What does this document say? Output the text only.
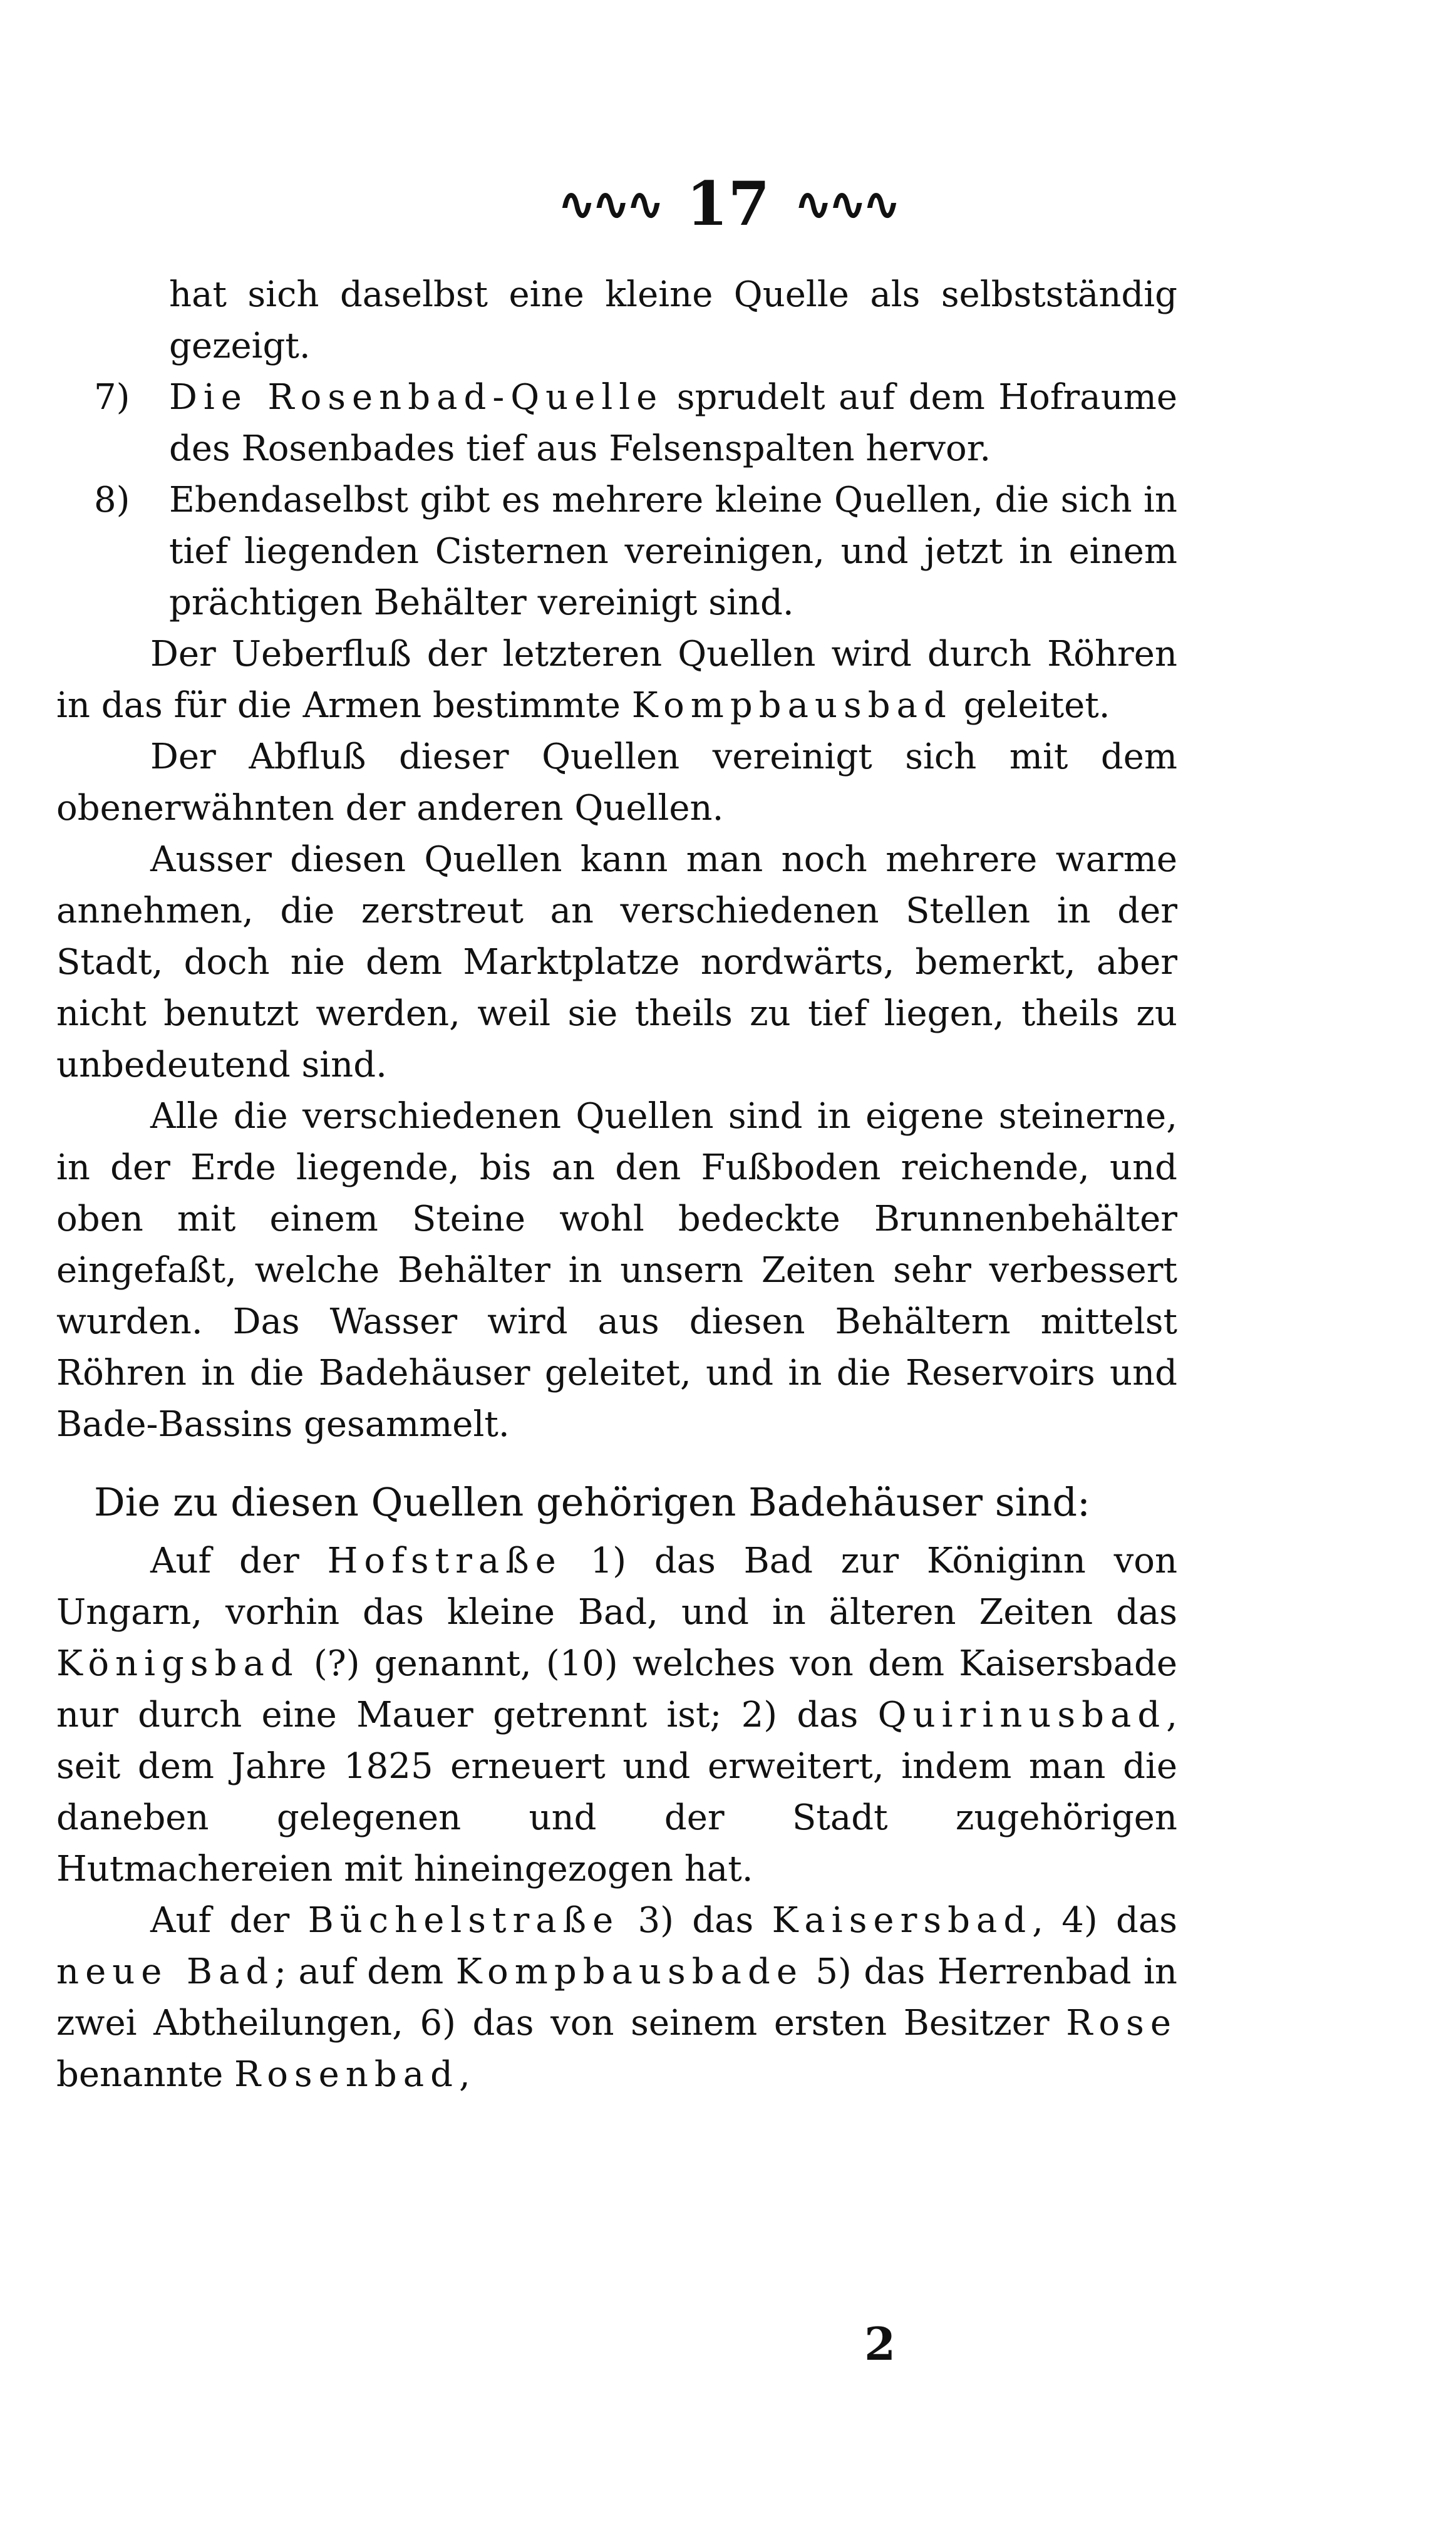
∿∿∿ 17 ∿∿∿

hat sich daselbst eine kleine Quelle als selbstständig gezeigt.

7) Die Rosenbad-Quelle sprudelt auf dem Hofraume des Rosenbades tief aus Felsenspalten hervor.

8) Ebendaselbst gibt es mehrere kleine Quellen, die sich in tief liegenden Cisternen vereinigen, und jetzt in einem prächtigen Behälter vereinigt sind.

Der Ueberfluß der letzteren Quellen wird durch Röhren in das für die Armen bestimmte Kompbausbad geleitet.

Der Abfluß dieser Quellen vereinigt sich mit dem obenerwähnten der anderen Quellen.

Ausser diesen Quellen kann man noch mehrere warme annehmen, die zerstreut an verschiedenen Stellen in der Stadt, doch nie dem Marktplatze nordwärts, bemerkt, aber nicht benutzt werden, weil sie theils zu tief liegen, theils zu unbedeutend sind.

Alle die verschiedenen Quellen sind in eigene steinerne, in der Erde liegende, bis an den Fußboden reichende, und oben mit einem Steine wohl bedeckte Brunnenbehälter eingefaßt, welche Behälter in unsern Zeiten sehr verbessert wurden. Das Wasser wird aus diesen Behältern mittelst Röhren in die Badehäuser geleitet, und in die Reservoirs und Bade-Bassins gesammelt.

Die zu diesen Quellen gehörigen Badehäuser sind:

Auf der Hofstraße 1) das Bad zur Königinn von Ungarn, vorhin das kleine Bad, und in älteren Zeiten das Königsbad (?) genannt, (10) welches von dem Kaisersbade nur durch eine Mauer getrennt ist; 2) das Quirinusbad, seit dem Jahre 1825 erneuert und erweitert, indem man die daneben gelegenen und der Stadt zugehörigen Hutmachereien mit hineingezogen hat.

Auf der Büchelstraße 3) das Kaisersbad, 4) das neue Bad; auf dem Kompbausbade 5) das Herrenbad in zwei Abtheilungen, 6) das von seinem ersten Besitzer Rose benannte Rosenbad,

2
